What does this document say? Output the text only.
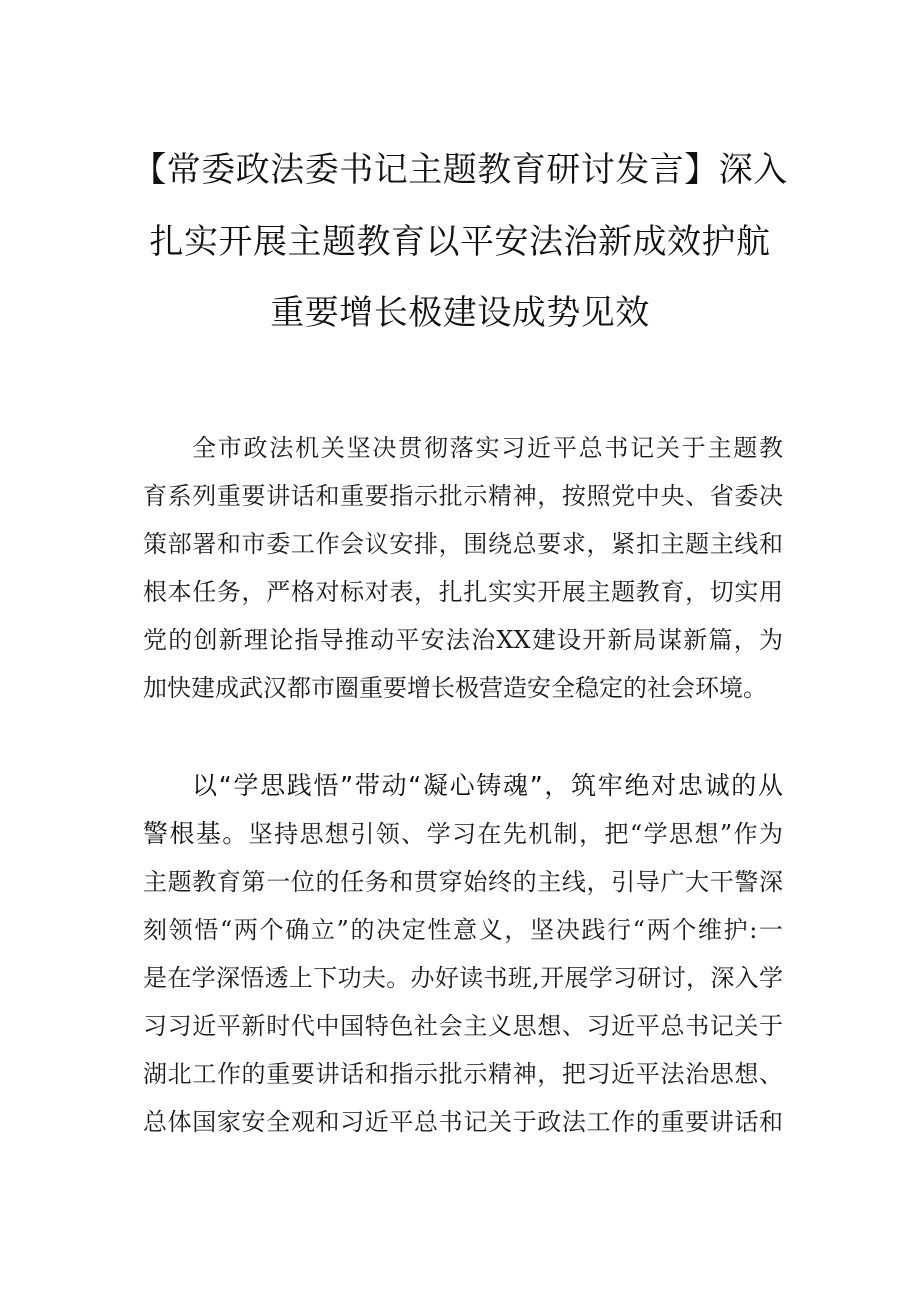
【常委政法委书记主题教育研讨发言】深入
扎实开展主题教育以平安法治新成效护航
重要增长极建设成势见效
全市政法机关坚决贯彻落实习近平总书记关于主题教
育系列重要讲话和重要指示批示精神，按照党中央、省委决
策部署和市委工作会议安排，围绕总要求，紧扣主题主线和
根本任务，严格对标对表，扎扎实实开展主题教育，切实用
党的创新理论指导推动平安法治XX建设开新局谋新篇，为
加快建成武汉都市圈重要增长极营造安全稳定的社会环境。
以“学思践悟”带动“凝心铸魂”，筑牢绝对忠诚的从
警根基。坚持思想引领、学习在先机制，把“学思想”作为
主题教育第一位的任务和贯穿始终的主线，引导广大干警深
刻领悟“两个确立”的决定性意义，坚决践行“两个维护:一
是在学深悟透上下功夫。办好读书班,开展学习研讨，深入学
习习近平新时代中国特色社会主义思想、习近平总书记关于
湖北工作的重要讲话和指示批示精神，把习近平法治思想、
总体国家安全观和习近平总书记关于政法工作的重要讲话和
